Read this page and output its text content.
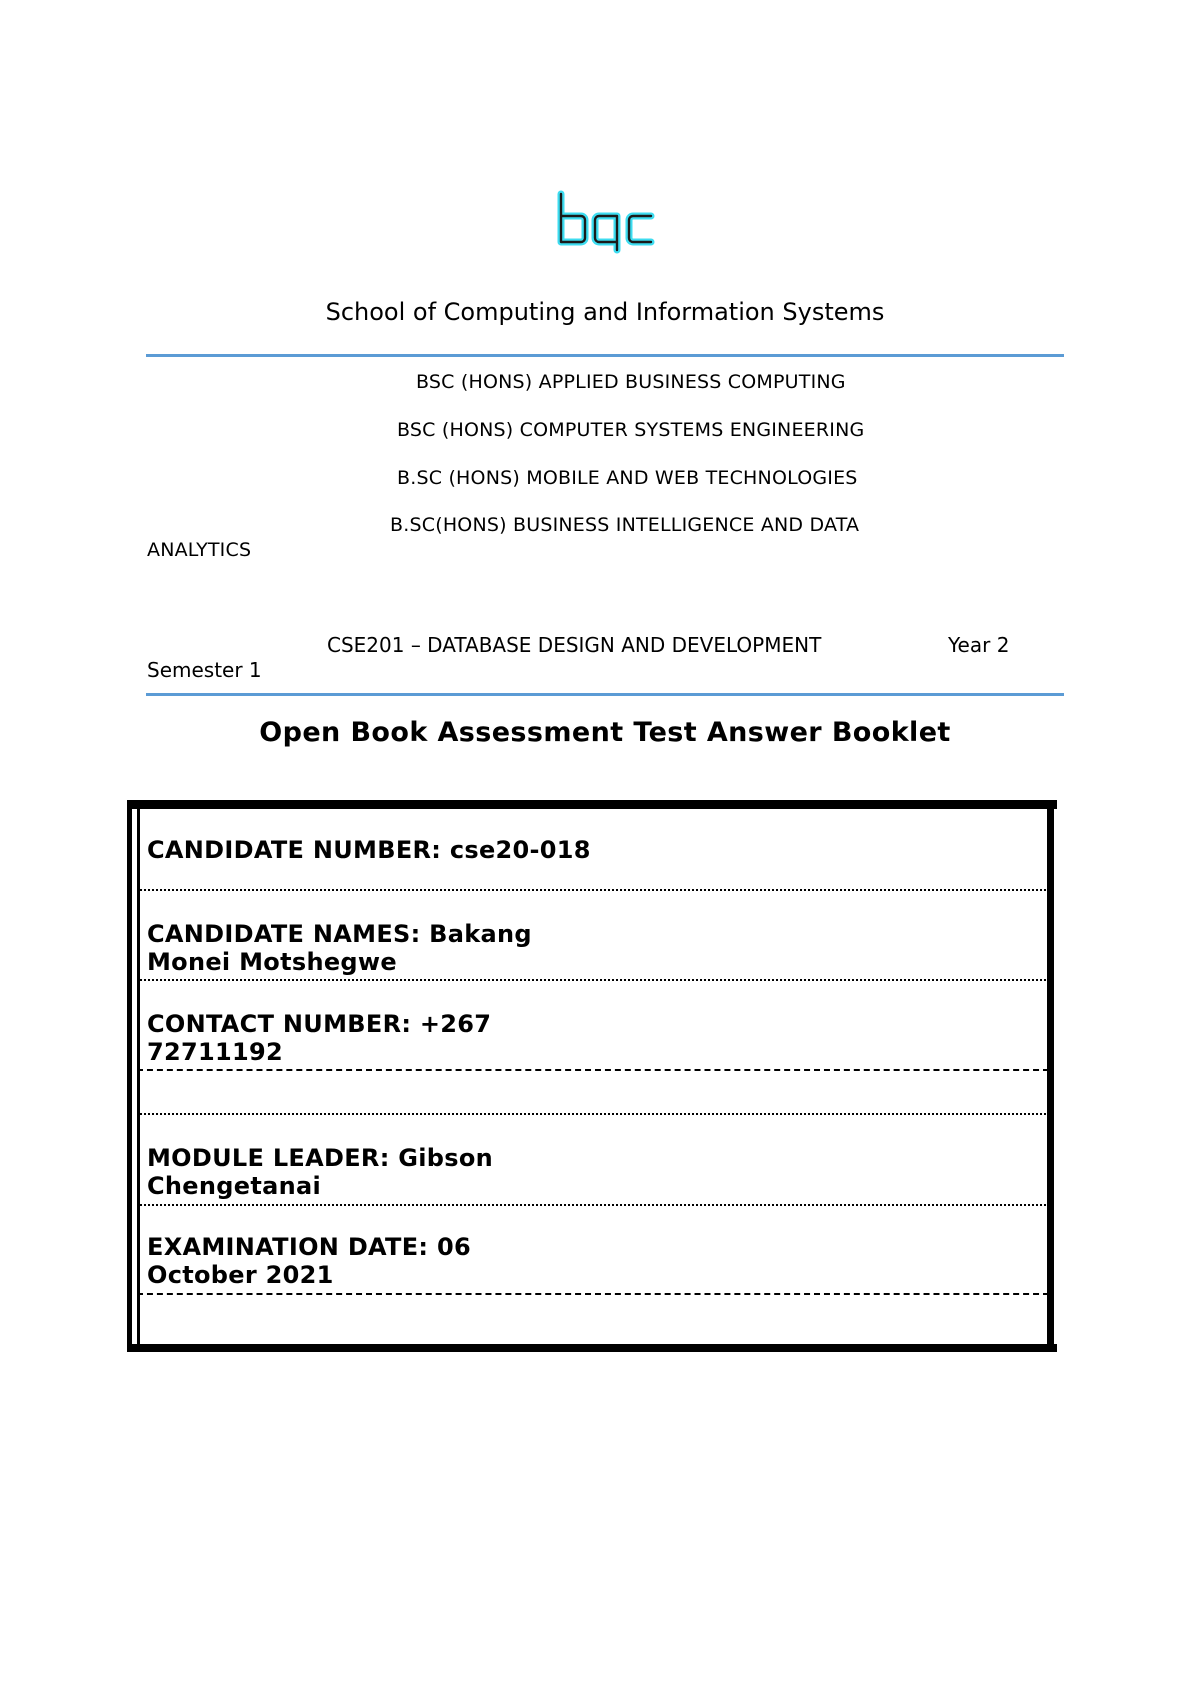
School of Computing and Information Systems
BSC (HONS) APPLIED BUSINESS COMPUTING
BSC (HONS) COMPUTER SYSTEMS ENGINEERING
B.SC (HONS) MOBILE AND WEB TECHNOLOGIES
B.SC(HONS) BUSINESS INTELLIGENCE AND DATA
ANALYTICS
CSE201 – DATABASE DESIGN AND DEVELOPMENT	Year 2
Semester 1
Open Book Assessment Test Answer Booklet
CANDIDATE NUMBER: cse20-018
CANDIDATE NAMES: Bakang
Monei Motshegwe
CONTACT NUMBER: +267
72711192
MODULE LEADER: Gibson
Chengetanai
EXAMINATION DATE: 06
October 2021
